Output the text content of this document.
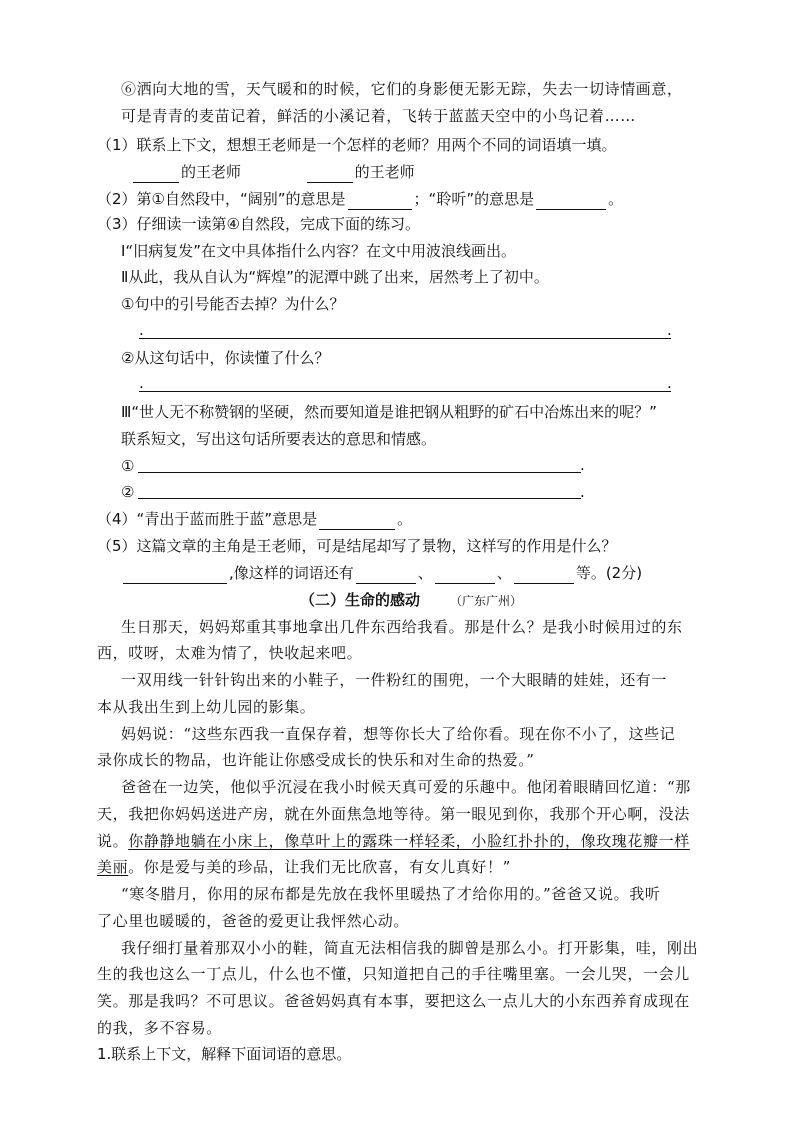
⑥洒向大地的雪，天气暖和的时候，它们的身影便无影无踪，失去一切诗情画意，
可是青青的麦苗记着，鲜活的小溪记着，飞转于蓝蓝天空中的小鸟记着……
（1）联系上下文，想想王老师是一个怎样的老师？用两个不同的词语填一填。
的王老师	的王老师
（2）第①自然段中，“阔别”的意思是	；“聆听”的意思是	。
（3）仔细读一读第④自然段，完成下面的练习。
Ⅰ“旧病复发”在文中具体指什么内容？在文中用波浪线画出。
Ⅱ从此，我从自认为“辉煌”的泥潭中跳了出来，居然考上了初中。
①句中的引号能否去掉？为什么？
.	.
②从这句话中，你读懂了什么？
.	.
Ⅲ“世人无不称赞钢的坚硬，然而要知道是谁把钢从粗野的矿石中冶炼出来的呢？”
联系短文，写出这句话所要表达的意思和情感。
①	.
②	.
（4）“青出于蓝而胜于蓝”意思是	。
（5）这篇文章的主角是王老师，可是结尾却写了景物，这样写的作用是什么？
,像这样的词语还有	、	、	等。(2分)
（二）生命的感动	（广东广州）
生日那天，妈妈郑重其事地拿出几件东西给我看。那是什么？是我小时候用过的东
西，哎呀，太难为情了，快收起来吧。
一双用线一针针钩出来的小鞋子，一件粉红的围兜，一个大眼睛的娃娃，还有一
本从我出生到上幼儿园的影集。
妈妈说：“这些东西我一直保存着，想等你长大了给你看。现在你不小了，这些记
录你成长的物品，也许能让你感受成长的快乐和对生命的热爱。”
爸爸在一边笑，他似乎沉浸在我小时候天真可爱的乐趣中。他闭着眼睛回忆道：“那
天，我把你妈妈送进产房，就在外面焦急地等待。第一眼见到你，我那个开心啊，没法
说。你静静地躺在小床上，像草叶上的露珠一样轻柔，小脸红扑扑的，像玫瑰花瓣一样
美丽。你是爱与美的珍品，让我们无比欣喜，有女儿真好！”
“寒冬腊月，你用的尿布都是先放在我怀里暖热了才给你用的。”爸爸又说。我听
了心里也暖暖的，爸爸的爱更让我怦然心动。
我仔细打量着那双小小的鞋，简直无法相信我的脚曾是那么小。打开影集，哇，刚出
生的我也这么一丁点儿，什么也不懂，只知道把自己的手往嘴里塞。一会儿哭，一会儿
笑。那是我吗？不可思议。爸爸妈妈真有本事，要把这么一点儿大的小东西养育成现在
的我，多不容易。
1.联系上下文，解释下面词语的意思。
